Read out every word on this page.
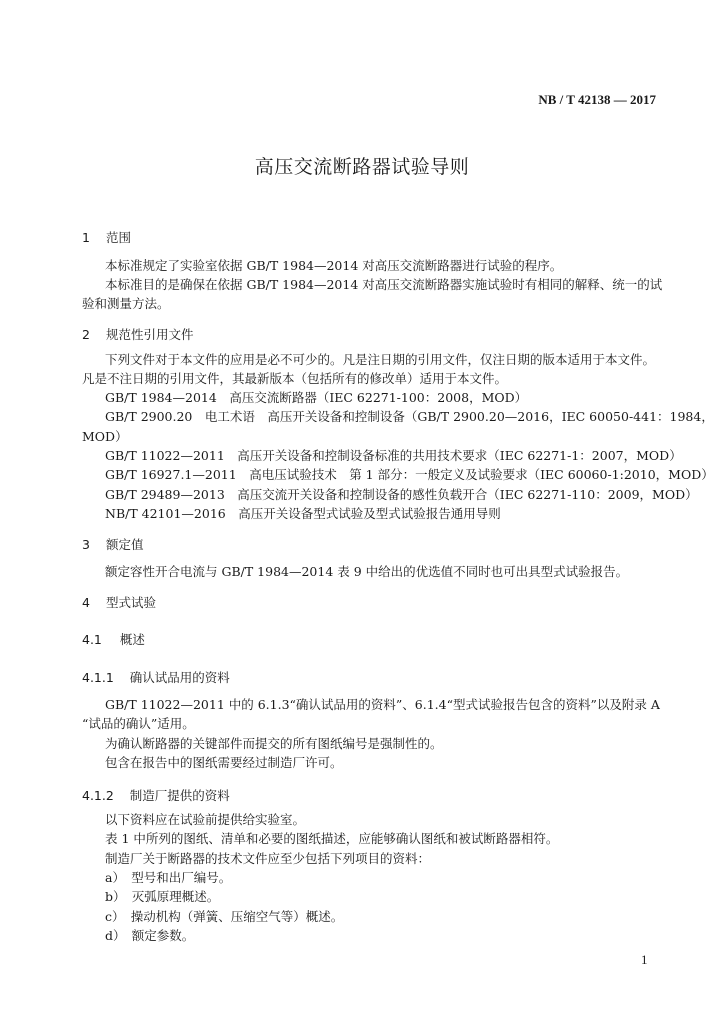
NB / T 42138 — 2017
高压交流断路器试验导则
1 范围
本标准规定了实验室依据 GB/T 1984—2014 对高压交流断路器进行试验的程序。
本标准目的是确保在依据 GB/T 1984—2014 对高压交流断路器实施试验时有相同的解释、统一的试
验和测量方法。
2 规范性引用文件
下列文件对于本文件的应用是必不可少的。凡是注日期的引用文件，仅注日期的版本适用于本文件。
凡是不注日期的引用文件，其最新版本（包括所有的修改单）适用于本文件。
GB/T 1984—2014　高压交流断路器（IEC 62271-100：2008，MOD）
GB/T 2900.20　电工术语　高压开关设备和控制设备（GB/T 2900.20—2016，IEC 60050-441：1984，
MOD）
GB/T 11022—2011　高压开关设备和控制设备标准的共用技术要求（IEC 62271-1：2007，MOD）
GB/T 16927.1—2011　高电压试验技术　第 1 部分：一般定义及试验要求（IEC 60060-1:2010，MOD）
GB/T 29489—2013　高压交流开关设备和控制设备的感性负载开合（IEC 62271-110：2009，MOD）
NB/T 42101—2016　高压开关设备型式试验及型式试验报告通用导则
3 额定值
额定容性开合电流与 GB/T 1984—2014 表 9 中给出的优选值不同时也可出具型式试验报告。
4 型式试验
4.1 概述
4.1.1 确认试品用的资料
GB/T 11022—2011 中的 6.1.3“确认试品用的资料”、6.1.4“型式试验报告包含的资料”以及附录 A
“试品的确认”适用。
为确认断路器的关键部件而提交的所有图纸编号是强制性的。
包含在报告中的图纸需要经过制造厂许可。
4.1.2 制造厂提供的资料
以下资料应在试验前提供给实验室。
表 1 中所列的图纸、清单和必要的图纸描述，应能够确认图纸和被试断路器相符。
制造厂关于断路器的技术文件应至少包括下列项目的资料：
a）　型号和出厂编号。
b）　灭弧原理概述。
c）　操动机构（弹簧、压缩空气等）概述。
d）　额定参数。
1
